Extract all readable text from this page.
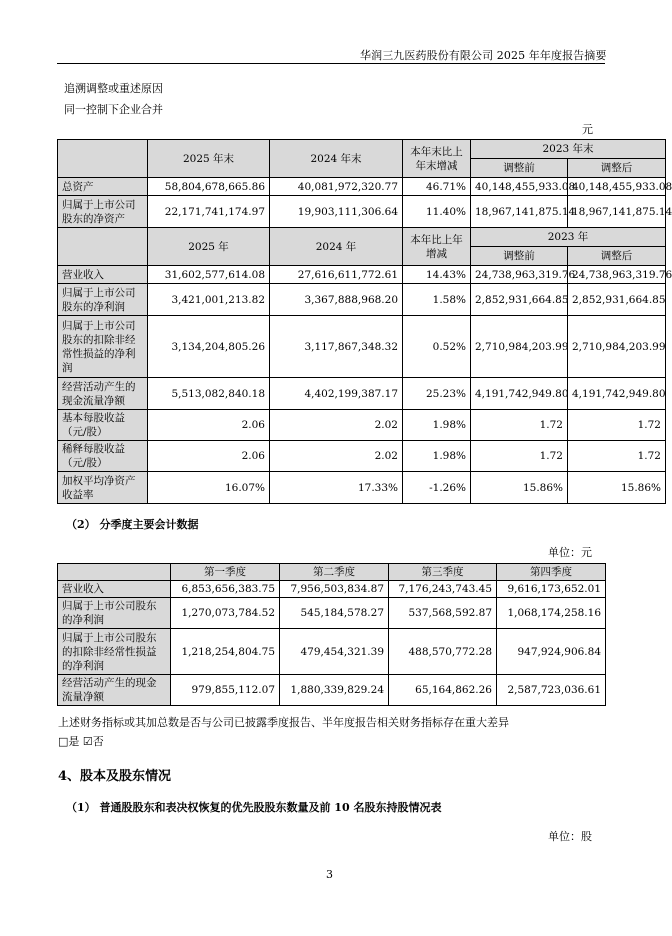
华润三九医药股份有限公司 2025 年年度报告摘要
追溯调整或重述原因
同一控制下企业合并
元
	2025 年末	2024 年末	本年末比上年末增减	2023 年末	
				调整前	调整后
总资产	58,804,678,665.86	40,081,972,320.77	46.71%	40,148,455,933.08	40,148,455,933.08
归属于上市公司股东的净资产	22,171,741,174.97	19,903,111,306.64	11.40%	18,967,141,875.14	18,967,141,875.14
	2025 年	2024 年	本年比上年增减	2023 年	
				调整前	调整后
营业收入	31,602,577,614.08	27,616,611,772.61	14.43%	24,738,963,319.76	24,738,963,319.76
归属于上市公司股东的净利润	3,421,001,213.82	3,367,888,968.20	1.58%	2,852,931,664.85	2,852,931,664.85
归属于上市公司股东的扣除非经常性损益的净利润	3,134,204,805.26	3,117,867,348.32	0.52%	2,710,984,203.99	2,710,984,203.99
经营活动产生的现金流量净额	5,513,082,840.18	4,402,199,387.17	25.23%	4,191,742,949.80	4,191,742,949.80
基本每股收益（元/股）	2.06	2.02	1.98%	1.72	1.72
稀释每股收益（元/股）	2.06	2.02	1.98%	1.72	1.72
加权平均净资产收益率	16.07%	17.33%	-1.26%	15.86%	15.86%
（2） 分季度主要会计数据
单位：元
	第一季度	第二季度	第三季度	第四季度
营业收入	6,853,656,383.75	7,956,503,834.87	7,176,243,743.45	9,616,173,652.01
归属于上市公司股东的净利润	1,270,073,784.52	545,184,578.27	537,568,592.87	1,068,174,258.16
归属于上市公司股东的扣除非经常性损益的净利润	1,218,254,804.75	479,454,321.39	488,570,772.28	947,924,906.84
经营活动产生的现金流量净额	979,855,112.07	1,880,339,829.24	65,164,862.26	2,587,723,036.61
上述财务指标或其加总数是否与公司已披露季度报告、半年度报告相关财务指标存在重大差异
□是 ☑否
4、股本及股东情况
（1） 普通股股东和表决权恢复的优先股股东数量及前 10 名股东持股情况表
单位：股
3
